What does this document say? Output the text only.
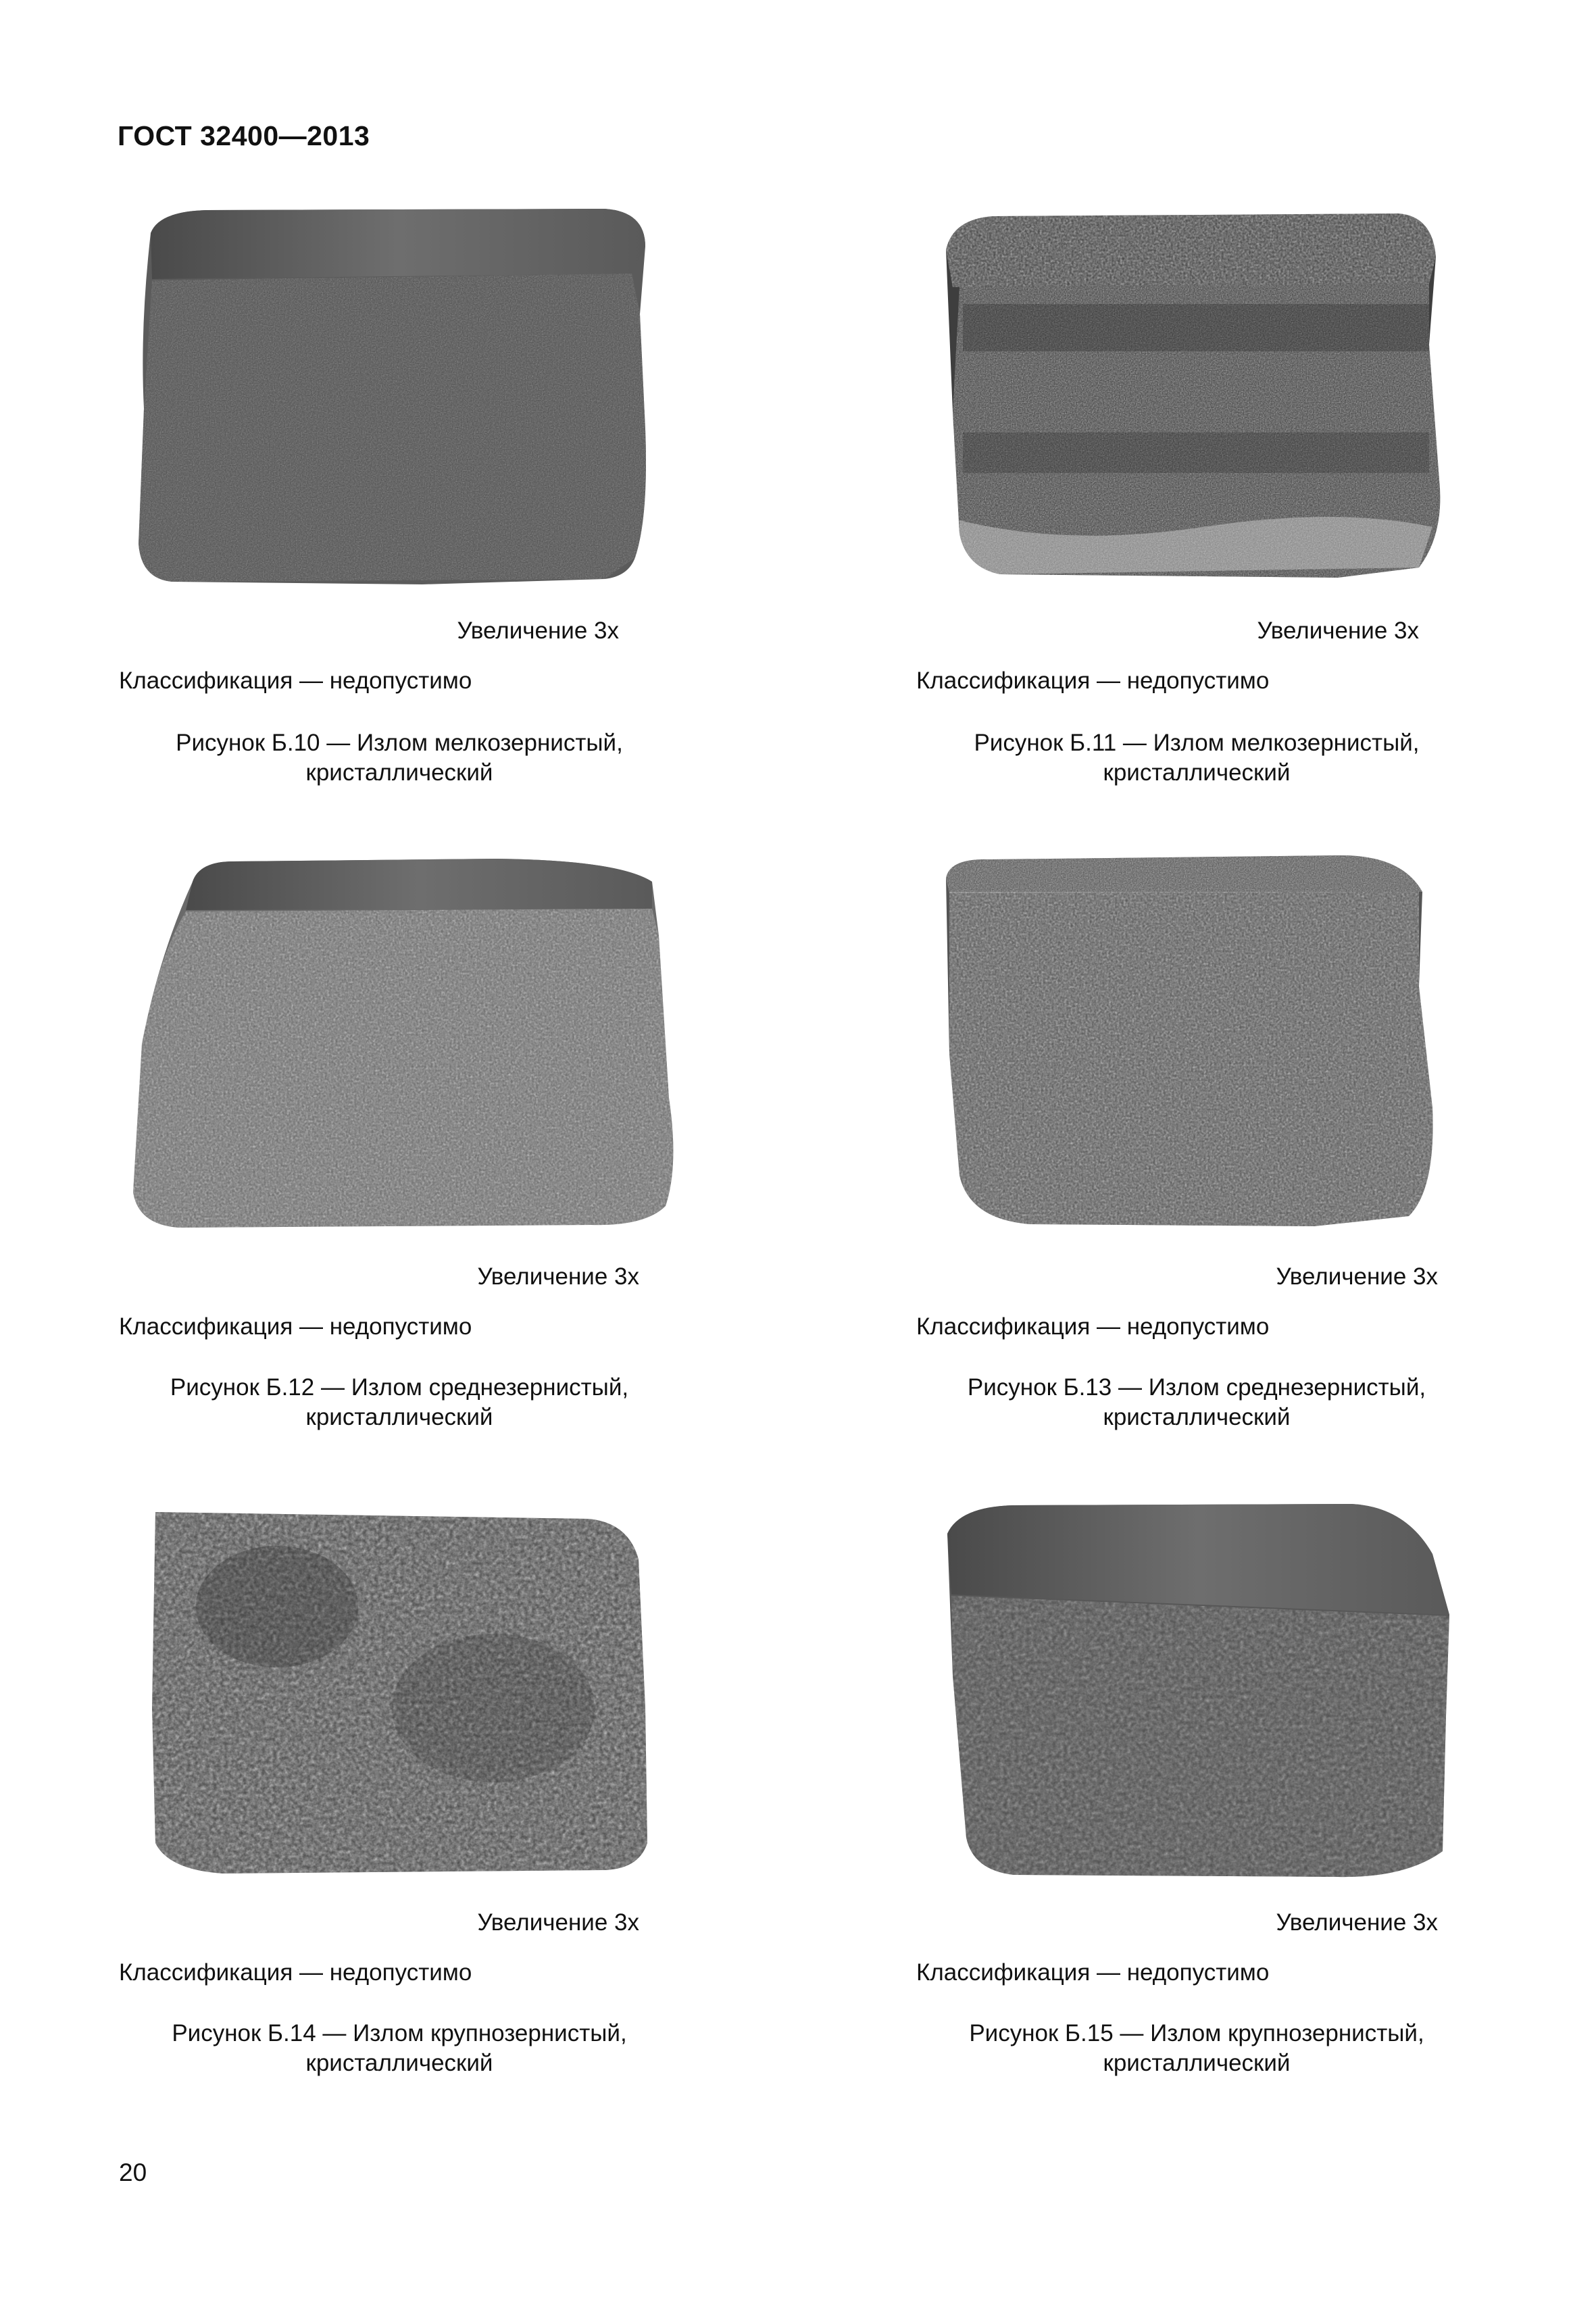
ГОСТ 32400—2013
Увеличение 3х
Классификация — недопустимо
Рисунок Б.10 — Излом мелкозернистый,
кристаллический
Увеличение 3х
Классификация — недопустимо
Рисунок Б.11 — Излом мелкозернистый,
кристаллический
Увеличение 3х
Классификация — недопустимо
Рисунок Б.12 — Излом среднезернистый,
кристаллический
Увеличение 3х
Классификация — недопустимо
Рисунок Б.13 — Излом среднезернистый,
кристаллический
Увеличение 3х
Классификация — недопустимо
Рисунок Б.14 — Излом крупнозернистый,
кристаллический
Увеличение 3х
Классификация — недопустимо
Рисунок Б.15 — Излом крупнозернистый,
кристаллический
20
